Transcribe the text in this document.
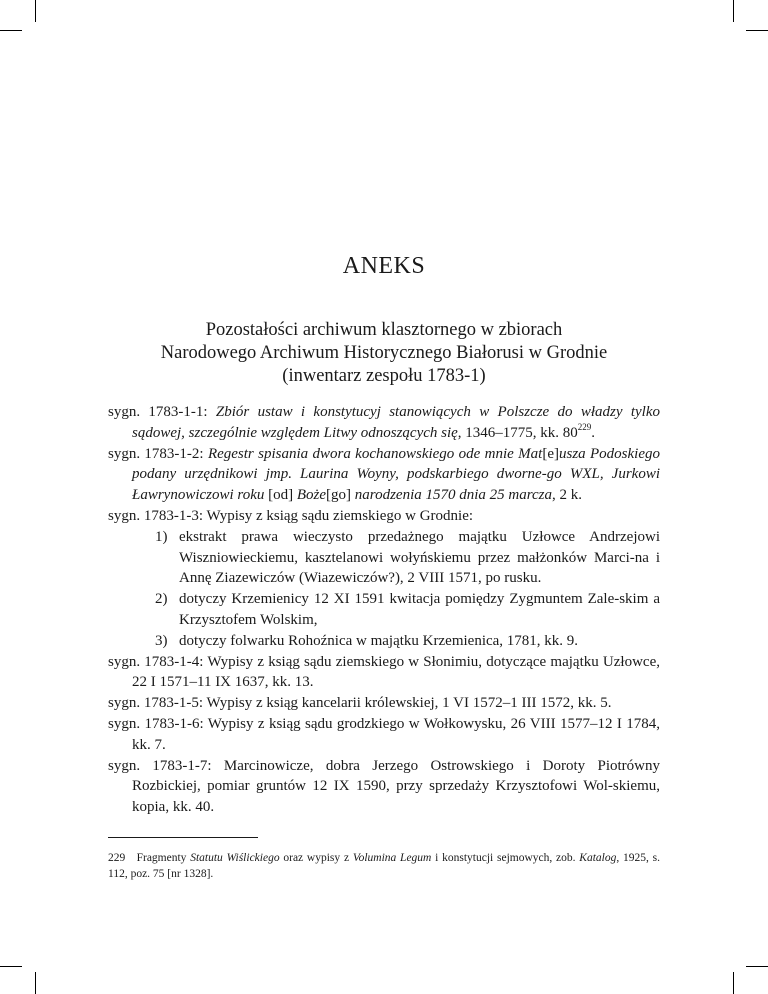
ANEKS
Pozostałości archiwum klasztornego w zbiorach
Narodowego Archiwum Historycznego Białorusi w Grodnie
(inwentarz zespołu 1783-1)

sygn. 1783-1-1: Zbiór ustaw i konstytucyj stanowiących w Polszcze do władzy tylko sądowej, szczególnie względem Litwy odnoszących się, 1346–1775, kk. $80^{229}$.

sygn. 1783-1-2: Regestr spisania dwora kochanowskiego ode mnie Mat[e]usza Podoskiego podany urzędnikowi jmp. Laurina Woyny, podskarbiego dworne-go WXL, Jurkowi Ławrynowiczowi roku [od] Boże[go] narodzenia 1570 dnia 25 marcza, 2 k.

sygn. 1783-1-3: Wypisy z ksiąg sądu ziemskiego w Grodnie:

1) ekstrakt prawa wieczysto przedażnego majątku Uzłowce Andrzejowi Wiszniowieckiemu, kasztelanowi wołyńskiemu przez małżonków Marci-na i Annę Ziazewiczów (Wiazewiczów?), 2 VIII 1571, po rusku.

2) dotyczy Krzemienicy 12 XI 1591 kwitacja pomiędzy Zygmuntem Zale-skim a Krzysztofem Wolskim,

3) dotyczy folwarku Rohoźnica w majątku Krzemienica, 1781, kk. 9.

sygn. 1783-1-4: Wypisy z ksiąg sądu ziemskiego w Słonimiu, dotyczące majątku Uzłowce, 22 I 1571–11 IX 1637, kk. 13.

sygn. 1783-1-5: Wypisy z ksiąg kancelarii królewskiej, 1 VI 1572–1 III 1572, kk. 5.

sygn. 1783-1-6: Wypisy z ksiąg sądu grodzkiego w Wołkowysku, 26 VIII 1577–12 I 1784, kk. 7.

sygn. 1783-1-7: Marcinowicze, dobra Jerzego Ostrowskiego i Doroty Piotrówny Rozbickiej, pomiar gruntów 12 IX 1590, przy sprzedaży Krzysztofowi Wol-skiemu, kopia, kk. 40.

229 Fragmenty Statutu Wiślickiego oraz wypisy z Volumina Legum i konstytucji sejmowych, zob. Katalog, 1925, s. 112, poz. 75 [nr 1328].
